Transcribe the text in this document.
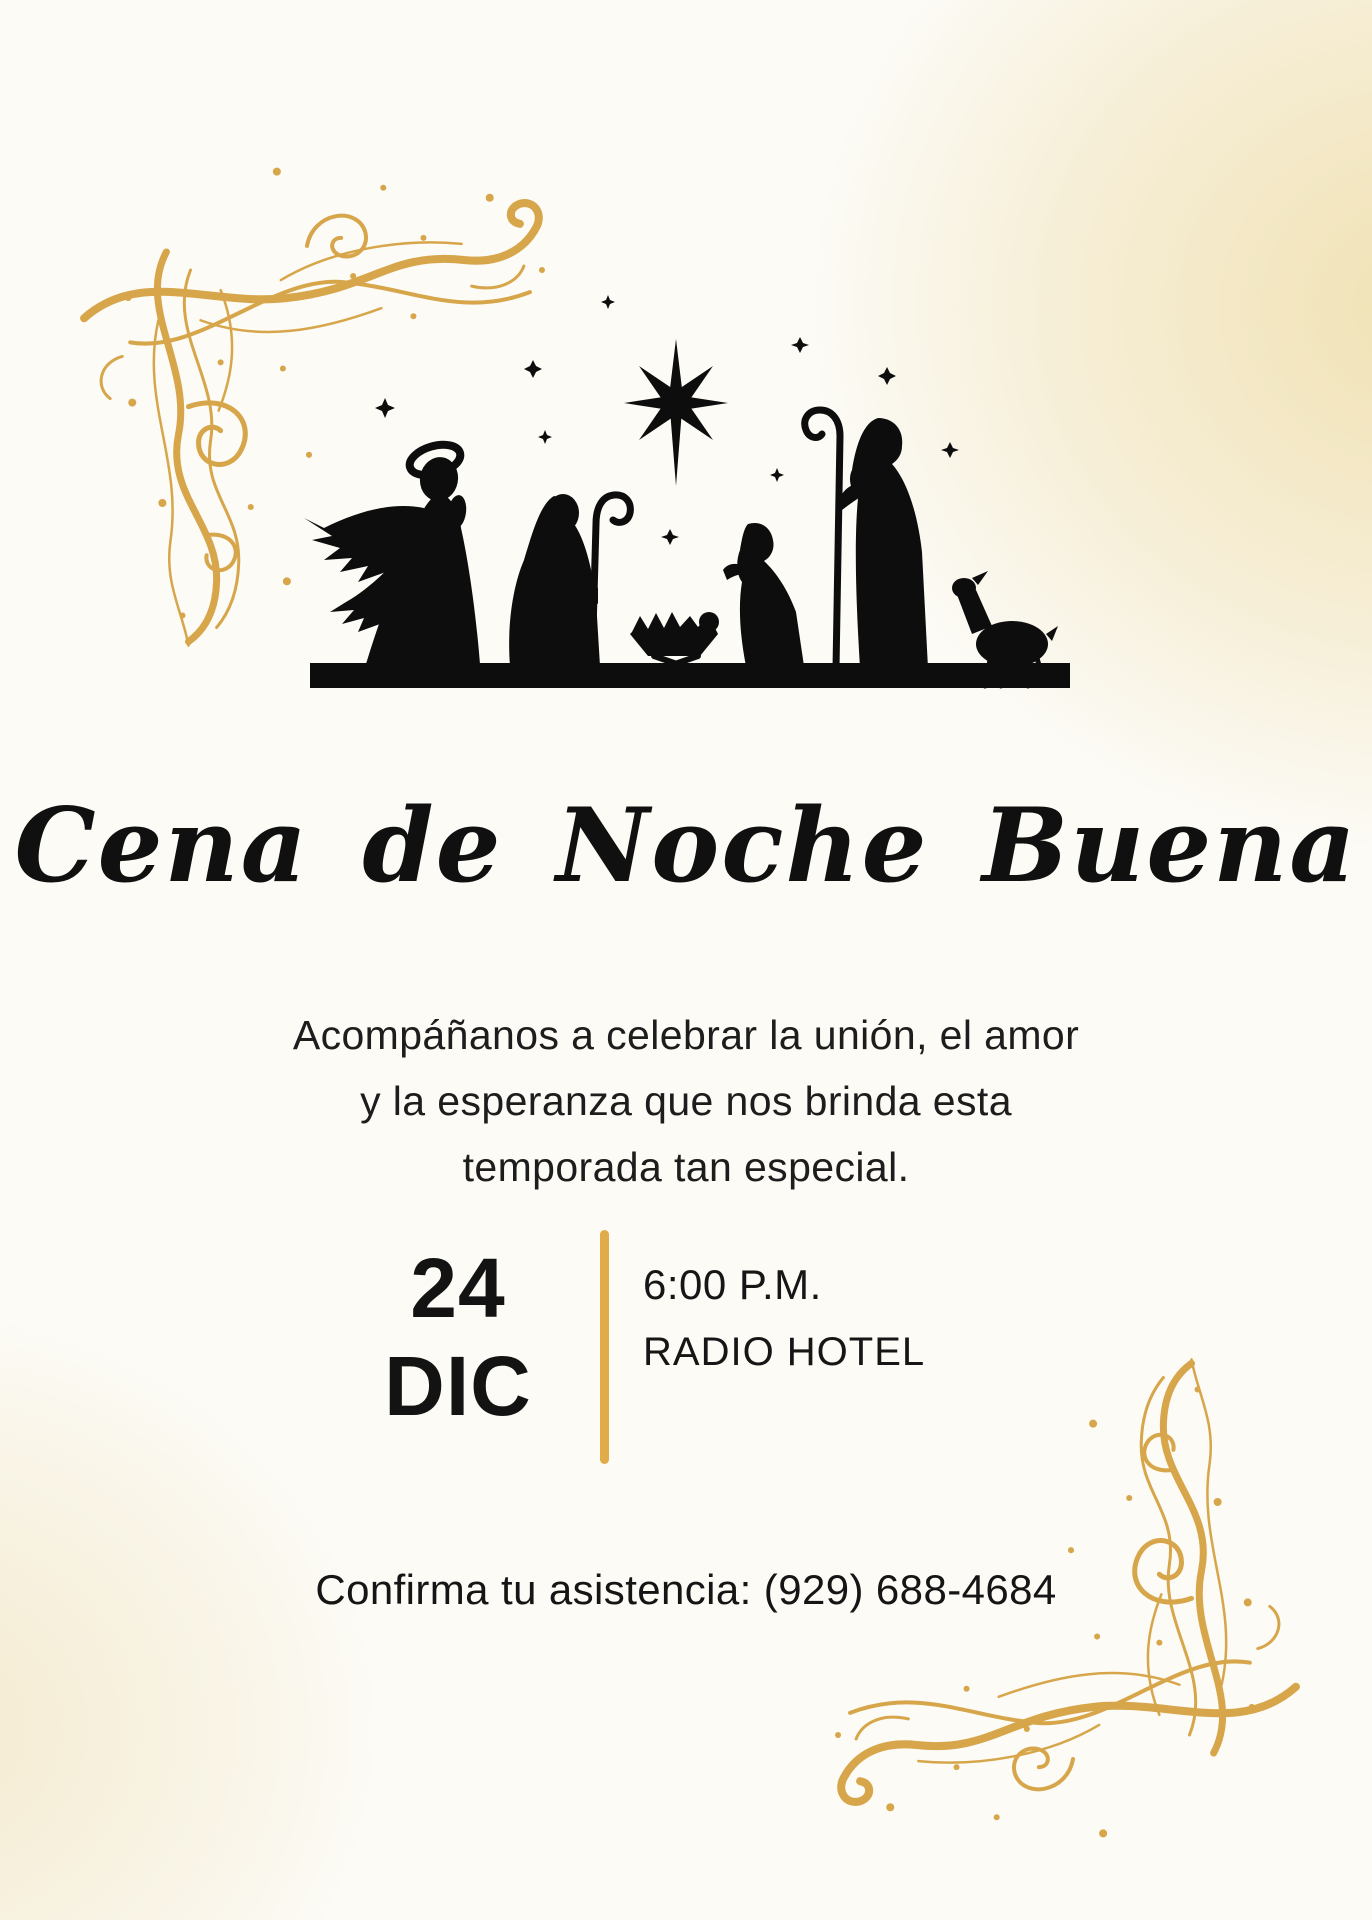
Cena de Noche Buena
Acompáñanos a celebrar la unión, el amor
y la esperanza que nos brinda esta
temporada tan especial.
24
DIC
6:00 P.M.
RADIO HOTEL
Confirma tu asistencia: (929) 688-4684
